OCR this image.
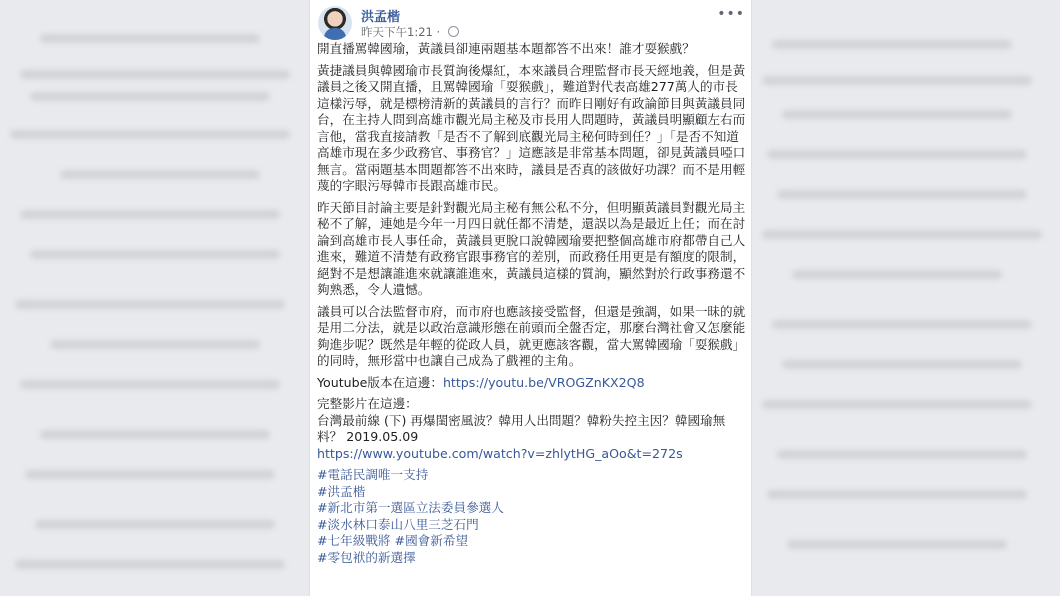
洪孟楷
昨天下午1:21 ·
•••

開直播罵韓國瑜，黃議員卻連兩題基本題都答不出來！誰才耍猴戲？

黃捷議員與韓國瑜市長質詢後爆紅，本來議員合理監督市長天經地義，但是黃議員之後又開直播，且罵韓國瑜「耍猴戲」，難道對代表高雄277萬人的市長這樣污辱，就是標榜清新的黃議員的言行？而昨日剛好有政論節目與黃議員同台，在主持人問到高雄市觀光局主秘及市長用人問題時，黃議員明顯顧左右而言他，當我直接請教「是否不了解到底觀光局主秘何時到任？」「是否不知道高雄市現在多少政務官、事務官？」這應該是非常基本問題，卻見黃議員啞口無言。當兩題基本問題都答不出來時，議員是否真的該做好功課？而不是用輕蔑的字眼污辱韓市長跟高雄市民。

昨天節目討論主要是針對觀光局主秘有無公私不分，但明顯黃議員對觀光局主秘不了解，連她是今年一月四日就任都不清楚，還誤以為是最近上任；而在討論到高雄市長人事任命，黃議員更脫口說韓國瑜要把整個高雄市府都帶自己人進來，難道不清楚有政務官跟事務官的差別，而政務任用更是有額度的限制，絕對不是想讓誰進來就讓誰進來，黃議員這樣的質詢，顯然對於行政事務還不夠熟悉，令人遺憾。

議員可以合法監督市府，而市府也應該接受監督，但還是強調，如果一昧的就是用二分法，就是以政治意識形態在前頭而全盤否定，那麼台灣社會又怎麼能夠進步呢？既然是年輕的從政人員，就更應該客觀，當大罵韓國瑜「耍猴戲」的同時，無形當中也讓自己成為了戲裡的主角。

Youtube版本在這邊：https://youtu.be/VROGZnKX2Q8
完整影片在這邊：
台灣最前線 (下) 再爆閨密風波？韓用人出問題？韓粉失控主因？韓國瑜無料？ 2019.05.09
https://www.youtube.com/watch?v=zhlytHG_aOo&t=272s
#電話民調唯一支持
#洪孟楷
#新北市第一選區立法委員參選人
#淡水林口泰山八里三芝石門
#七年級戰將 #國會新希望
#零包袱的新選擇
